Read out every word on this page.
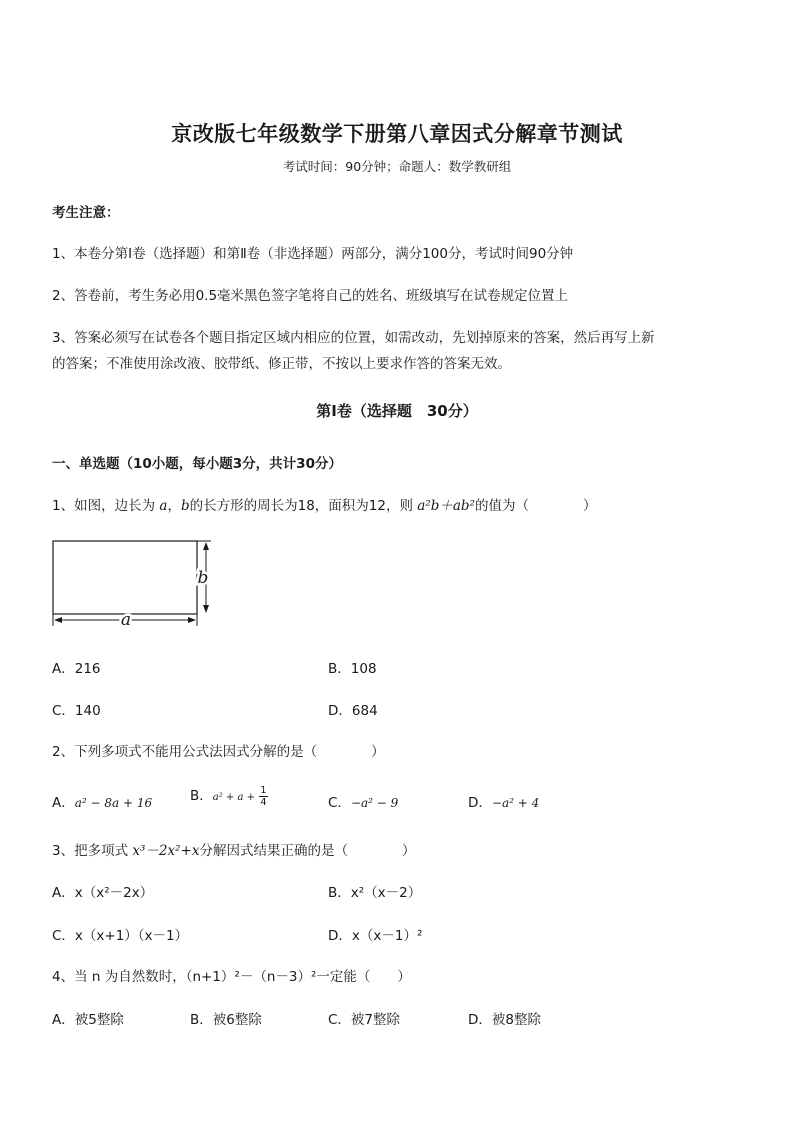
京改版七年级数学下册第八章因式分解章节测试
考试时间：90分钟；命题人：数学教研组
考生注意：
1、本卷分第Ⅰ卷（选择题）和第Ⅱ卷（非选择题）两部分，满分100分，考试时间90分钟
2、答卷前，考生务必用0.5毫米黑色签字笔将自己的姓名、班级填写在试卷规定位置上
3、答案必须写在试卷各个题目指定区域内相应的位置，如需改动，先划掉原来的答案，然后再写上新
的答案；不准使用涂改液、胶带纸、修正带，不按以上要求作答的答案无效。
第Ⅰ卷（选择题　30分）
一、单选题（10小题，每小题3分，共计30分）
1、如图，边长为 a，b的长方形的周长为18，面积为12，则 a²b＋ab²的值为（　　　　）
a
b
A．216	B．108
C．140	D．684
2、下列多项式不能用公式法因式分解的是（　　　　）
A．a² − 8a + 16	B．$a^2 + a + \frac{1}{4}$	C．−a² − 9	D．−a² + 4
3、把多项式 x³－2x²+x分解因式结果正确的是（　　　　）
A．x（x²－2x）	B．x²（x－2）
C．x（x+1）（x－1）	D．x（x－1）²
4、当 n 为自然数时，（n+1）²－（n－3）²一定能（　　）
A．被5整除	B．被6整除	C．被7整除	D．被8整除
